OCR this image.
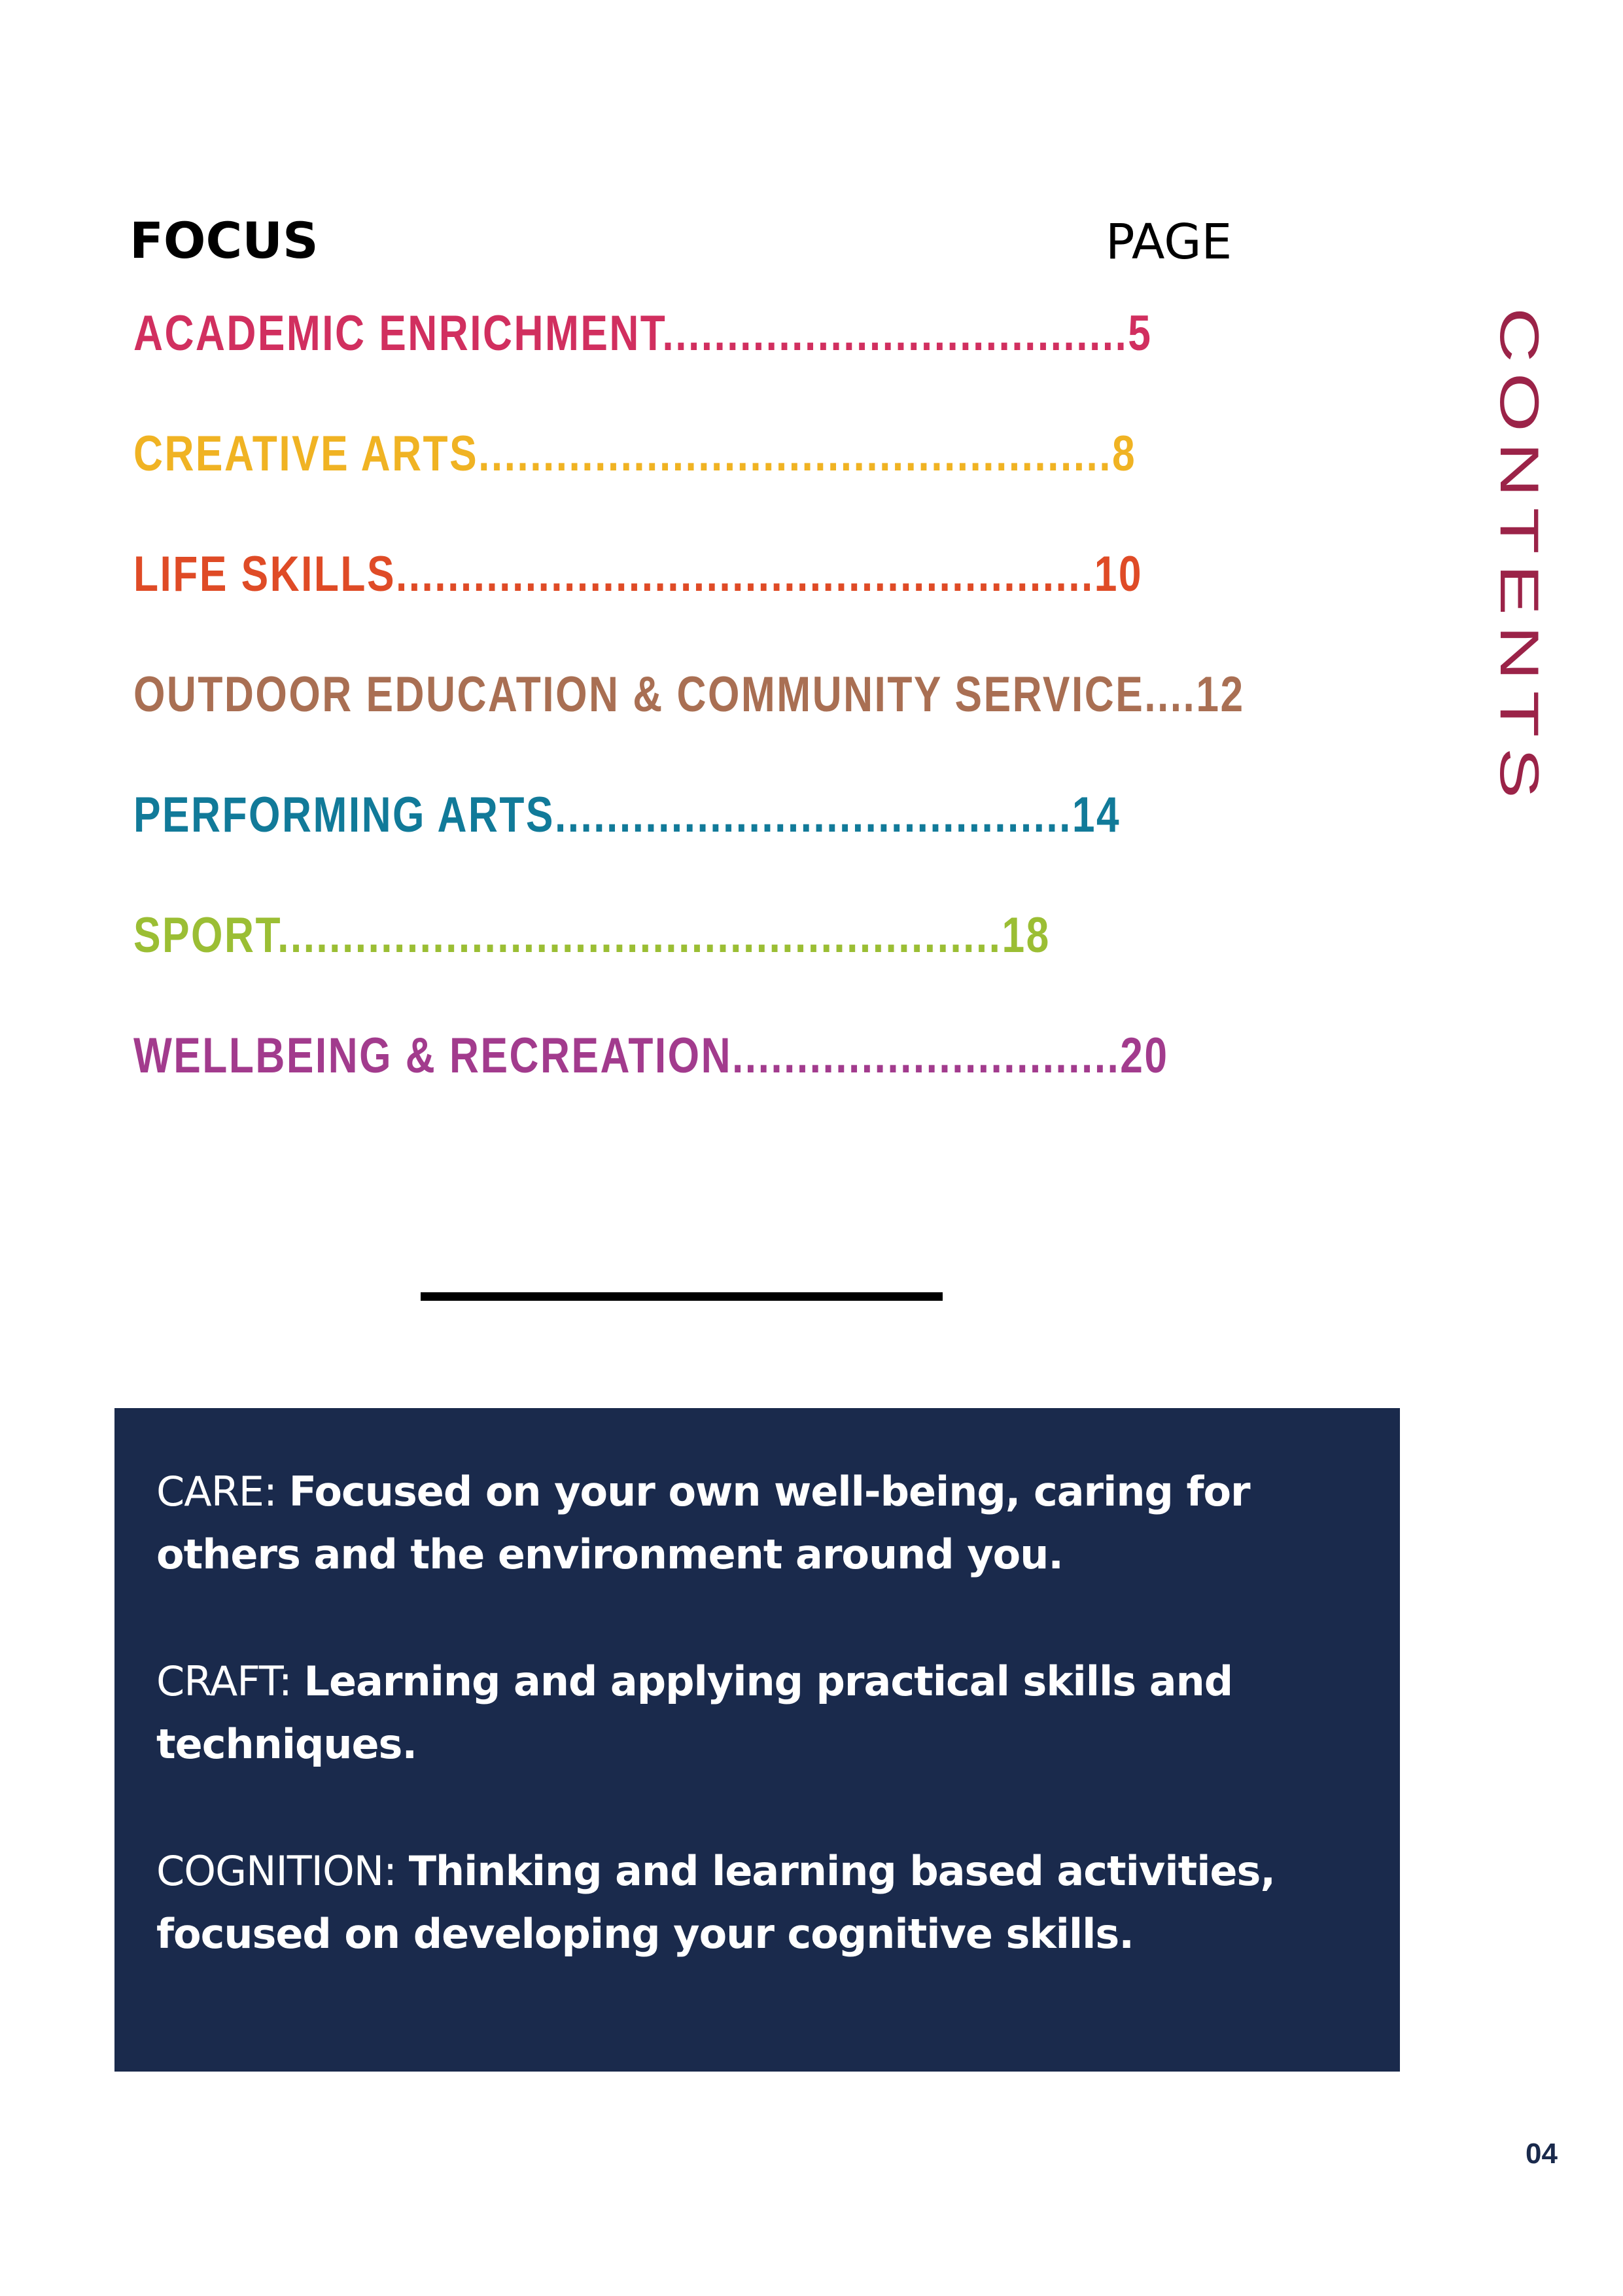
FOCUS	PAGE
ACADEMIC ENRICHMENT....................................5
CREATIVE ARTS.................................................8
LIFE SKILLS......................................................10
OUTDOOR EDUCATION & COMMUNITY SERVICE....12
PERFORMING ARTS........................................14
SPORT........................................................18
WELLBEING & RECREATION..............................20
CONTENTS

CARE: Focused on your own well-being, caring for others and the environment around you.

CRAFT: Learning and applying practical skills and techniques.

COGNITION: Thinking and learning based activities, focused on developing your cognitive skills.

04
